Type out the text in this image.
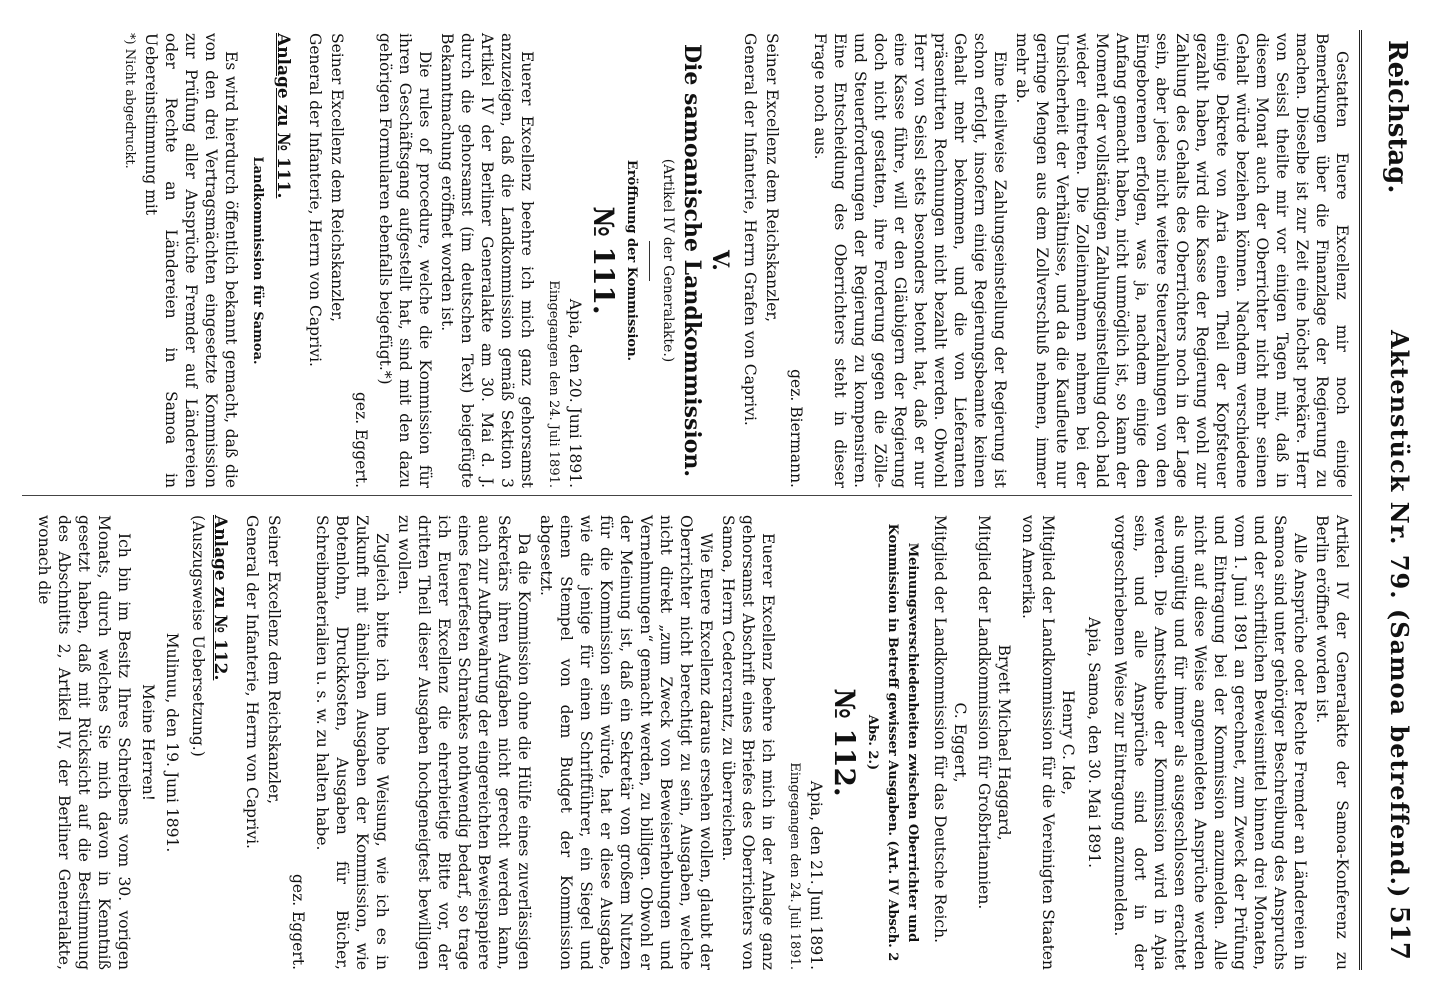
Reichstag.
Aktenstück Nr. 79. (Samoa betreffend.)
517

Gestatten Euere Excellenz mir noch einige Bemerkungen über die Finanzlage der Regierung zu machen. Dieselbe ist zur Zeit eine höchst prekäre. Herr von Seissl theilte mir vor einigen Tagen mit, daß in diesem Monat auch der Oberrichter nicht mehr seinen Gehalt würde beziehen können. Nachdem verschiedene einige Dekrete von Aria einen Theil der Kopfsteuer gezahlt haben, wird die Kasse der Regierung wohl zur Zahlung des Gehalts des Oberrichters noch in der Lage sein, aber jedes nicht weitere Steuerzahlungen von den Eingeborenen erfolgen, was ja, nachdem einige den Anfang gemacht haben, nicht unmöglich ist, so kann der Moment der vollständigen Zahlungseinstellung doch bald wieder eintreten. Die Zolleinnahmen nehmen bei der Unsicherheit der Verhältnisse, und da die Kaufleute nur geringe Mengen aus dem Zollverschluß nehmen, immer mehr ab.

Eine theilweise Zahlungseinstellung der Regierung ist schon erfolgt, insofern einige Regierungsbeamte keinen Gehalt mehr bekommen, und die von Lieferanten präsentirten Rechnungen nicht bezahlt werden. Obwohl Herr von Seissl stets besonders betont hat, daß er nur eine Kasse führe, will er den Gläubigern der Regierung doch nicht gestatten, ihre Forderung gegen die Zölle- und Steuerforderungen der Regierung zu kompensiren. Eine Entscheidung des Oberrichters steht in dieser Frage noch aus.

gez. Biermann.

Seiner Excellenz dem Reichskanzler,

General der Infanterie, Herrn Grafen von Caprivi.

V.
Die samoanische Landkommission.
(Artikel IV der Generalakte.)
Eröffnung der Kommission.
№ 111.
Apia, den 20. Juni 1891.
Eingegangen den 24. Juli 1891.

Euerer Excellenz beehre ich mich ganz gehorsamst anzuzeigen, daß die Landkommission gemäß Sektion 3 Artikel IV der Berliner Generalakte am 30. Mai d. J. durch die gehorsamst (im deutschen Text) beigefügte Bekanntmachung eröffnet worden ist.

Die rules of procedure, welche die Kommission für ihren Geschäftsgang aufgestellt hat, sind mit den dazu gehörigen Formularen ebenfalls beigefügt.*)

gez. Eggert.

Seiner Excellenz dem Reichskanzler,

General der Infanterie, Herrn von Caprivi.

Anlage zu № 111.
Landkommission für Samoa.

Es wird hierdurch öffentlich bekannt gemacht, daß die von den drei Vertragsmächten eingesetzte Kommission zur Prüfung aller Ansprüche Fremder auf Ländereien oder Rechte an Ländereien in Samoa in Uebereinstimmung mit

*) Nicht abgedruckt.

Artikel IV der Generalakte der Samoa-Konferenz zu Berlin eröffnet worden ist.

Alle Ansprüche oder Rechte Fremder an Ländereien in Samoa sind unter gehöriger Beschreibung des Anspruchs und der schriftlichen Beweismittel binnen drei Monaten, vom 1. Juni 1891 an gerechnet, zum Zweck der Prüfung und Eintragung bei der Kommission anzumelden. Alle nicht auf diese Weise angemeldeten Ansprüche werden als ungültig und für immer als ausgeschlossen erachtet werden. Die Amtsstube der Kommission wird in Apia sein, und alle Ansprüche sind dort in der vorgeschriebenen Weise zur Eintragung anzumelden.

Apia, Samoa, den 30. Mai 1891.
Henry C. Ide,

Mitglied der Landkommission für die Vereinigten Staaten von Amerika.

Bryett Michael Haggard,

Mitglied der Landkommission für Großbritannien.

C. Eggert,

Mitglied der Landkommission für das Deutsche Reich.

Meinungsverschiedenheiten zwischen Oberrichter und Kommission in Betreff gewisser Ausgaben. (Art. IV Absch. 2 Abs. 2.)
№ 112.
Apia, den 21. Juni 1891.
Eingegangen den 24. Juli 1891.

Euerer Excellenz beehre ich mich in der Anlage ganz gehorsamst Abschrift eines Briefes des Oberrichters von Samoa, Herrn Cedercrantz, zu überreichen.

Wie Euere Excellenz daraus ersehen wollen, glaubt der Oberrichter nicht berechtigt zu sein, Ausgaben, welche nicht direkt „zum Zweck von Beweiserhebungen und Vernehmungen“ gemacht werden, zu billigen. Obwohl er der Meinung ist, daß ein Sekretär von großem Nutzen für die Kommission sein würde, hat er diese Ausgabe, wie die jenige für einen Schriftführer, ein Siegel und einen Stempel von dem Budget der Kommission abgesetzt.

Da die Kommission ohne die Hülfe eines zuverlässigen Sekretärs ihren Aufgaben nicht gerecht werden kann, auch zur Aufbewahrung der eingereichten Beweispapiere eines feuerfesten Schrankes nothwendig bedarf, so trage ich Euerer Excellenz die ehrerbietige Bitte vor, der dritten Theil dieser Ausgaben hochgeneigtest bewilligen zu wollen.

Zugleich bitte ich um hohe Weisung, wie ich es in Zukunft mit ähnlichen Ausgaben der Kommission, wie Botenlohn, Druckkosten, Ausgaben für Bücher, Schreibmaterialien u. s. w. zu halten habe.

gez. Eggert.

Seiner Excellenz dem Reichskanzler,

General der Infanterie, Herrn von Caprivi.

Anlage zu № 112.
(Auszugsweise Uebersetzung.)
Mulinuu, den 19. Juni 1891.
Meine Herren!

Ich bin im Besitz Ihres Schreibens vom 30. vorigen Monats, durch welches Sie mich davon in Kenntniß gesetzt haben, daß mit Rücksicht auf die Bestimmung des Abschnitts 2, Artikel IV, der Berliner Generalakte, wonach die
